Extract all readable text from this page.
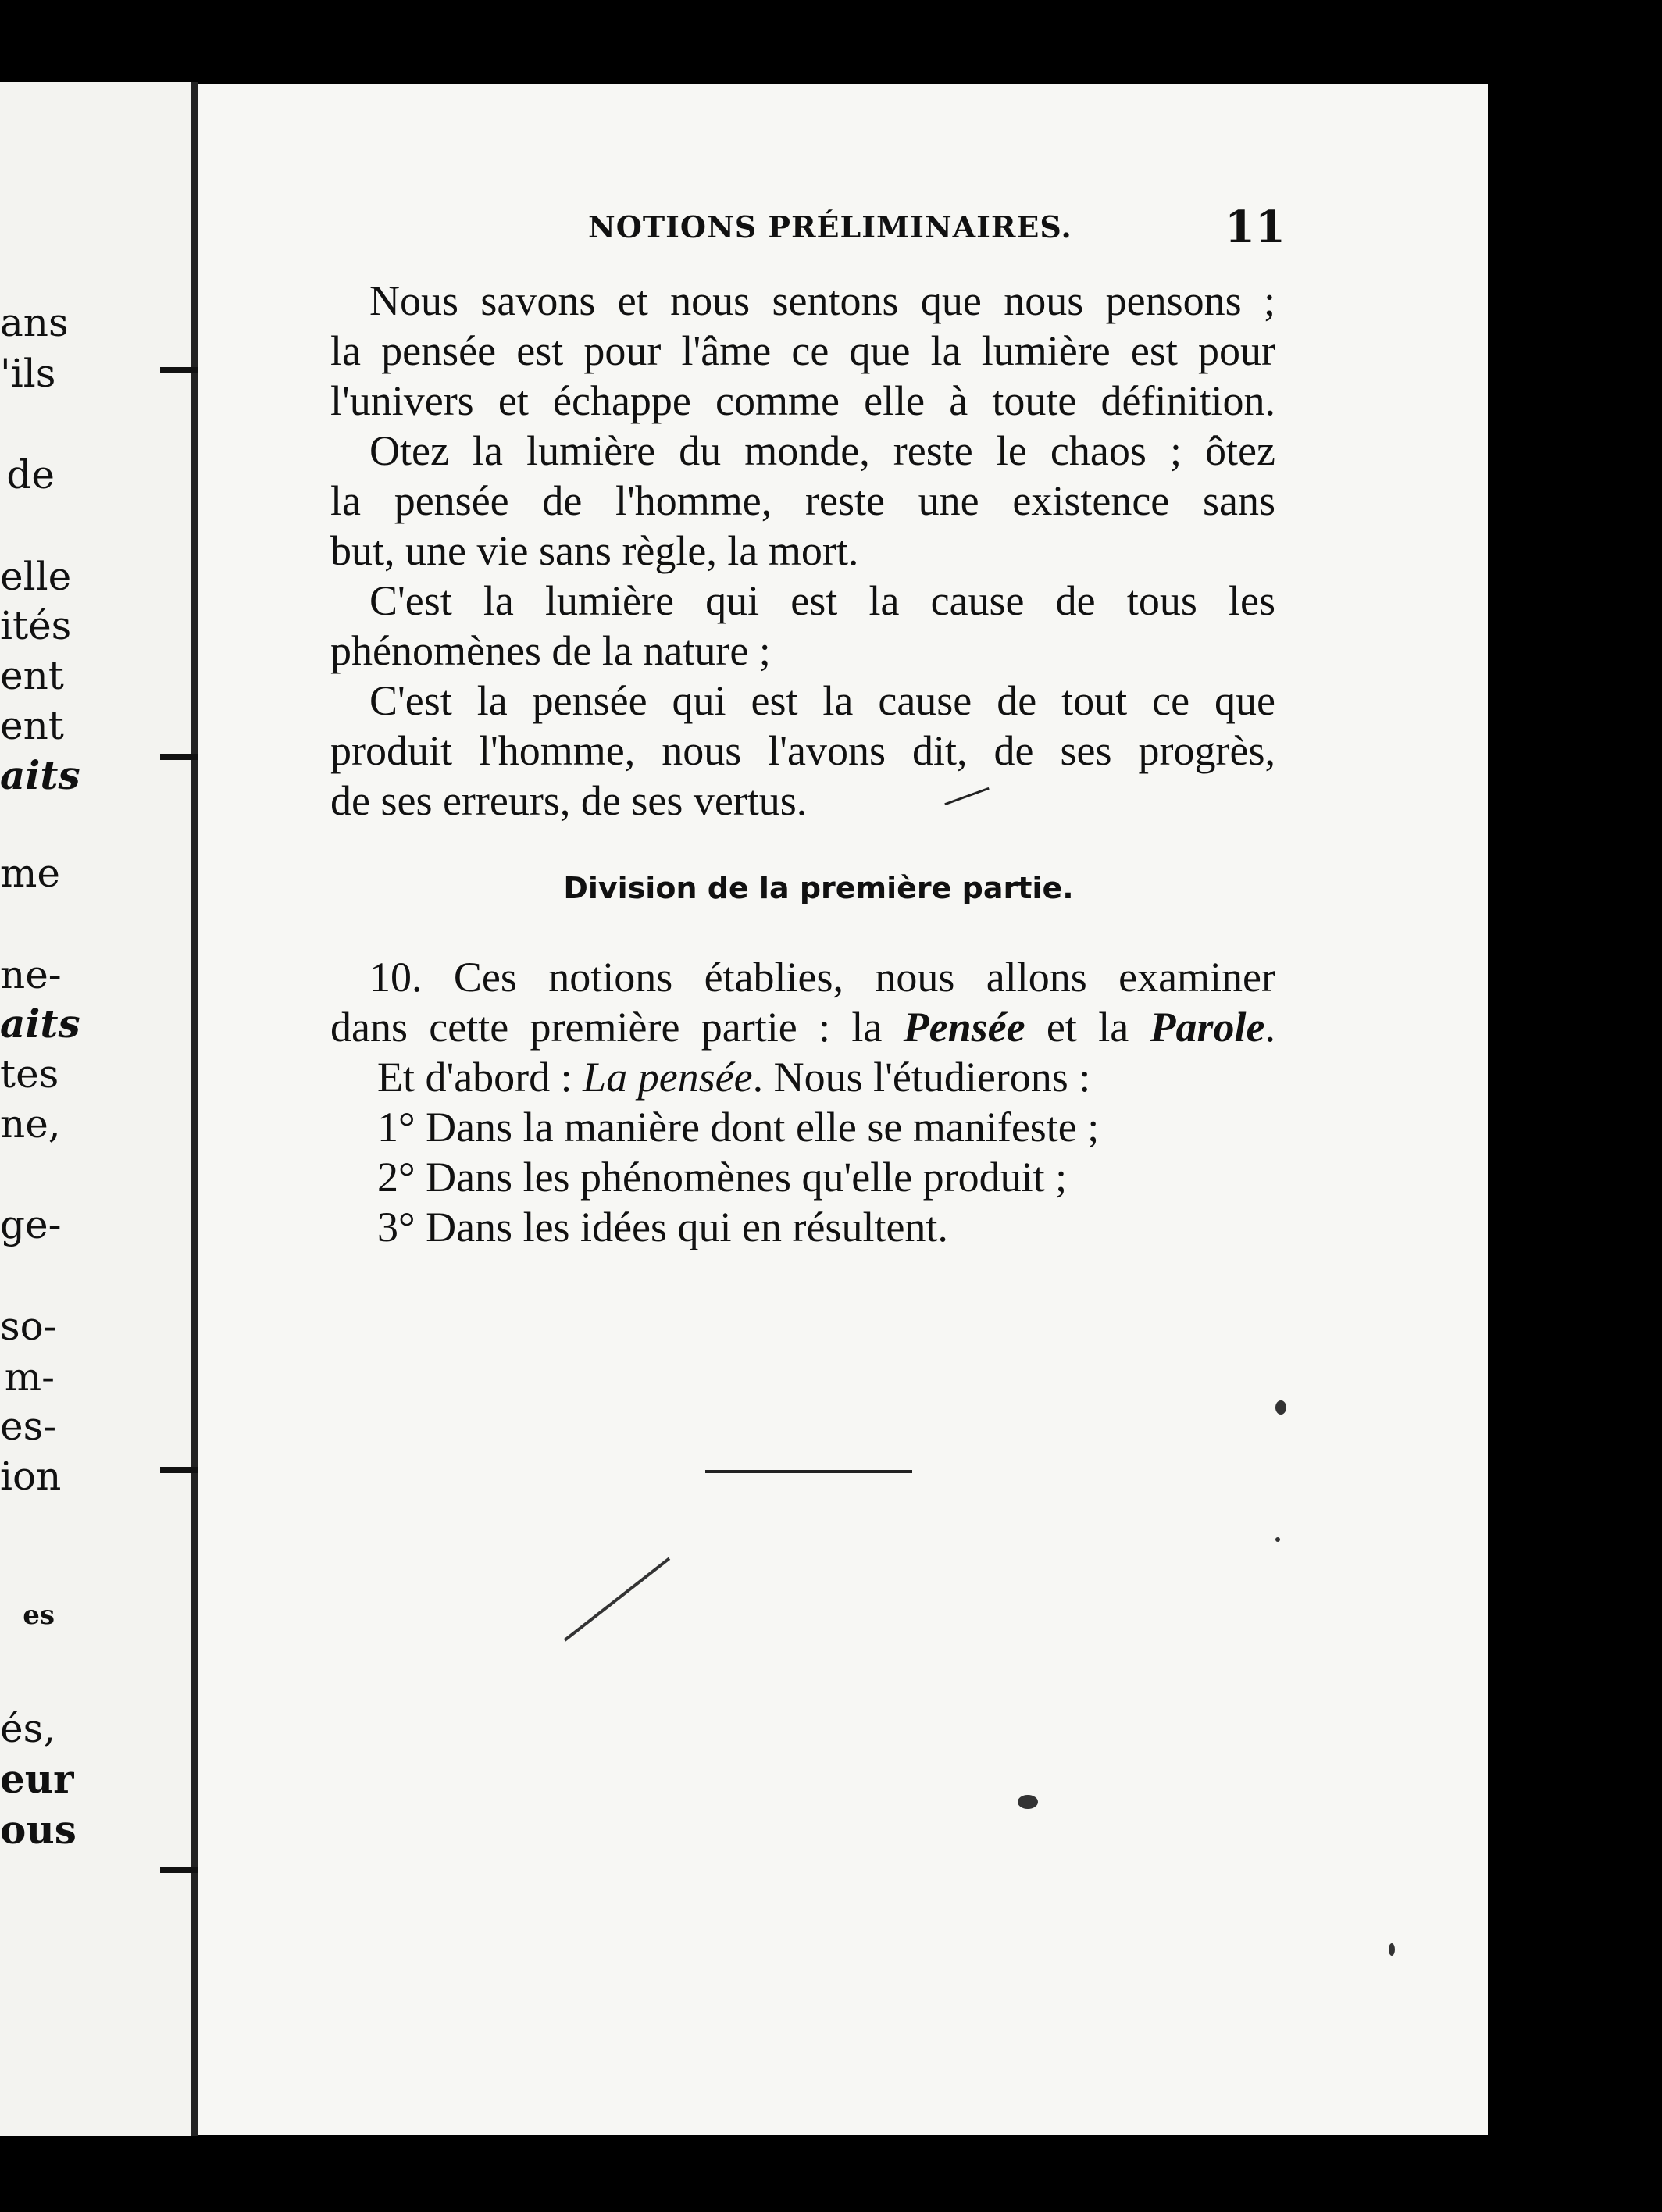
ans
'ils
de
elle
ités
ent
ent
aits
me
ne-
aits
tes
ne,
ge-
so-
m-
es-
ion
es
és,
eur
ous
NOTIONS PRÉLIMINAIRES.	11
Nous savons et nous sentons que nous pensons ;
la pensée est pour l'âme ce que la lumière est pour
l'univers et échappe comme elle à toute définition.
Otez la lumière du monde, reste le chaos ; ôtez
la pensée de l'homme, reste une existence sans
but, une vie sans règle, la mort.
C'est la lumière qui est la cause de tous les
phénomènes de la nature ;
C'est la pensée qui est la cause de tout ce que
produit l'homme, nous l'avons dit, de ses progrès,
de ses erreurs, de ses vertus.
Division de la première partie.
10. Ces notions établies, nous allons examiner
dans cette première partie : la Pensée et la Parole.
Et d'abord : La pensée. Nous l'étudierons :
1° Dans la manière dont elle se manifeste ;
2° Dans les phénomènes qu'elle produit ;
3° Dans les idées qui en résultent.
